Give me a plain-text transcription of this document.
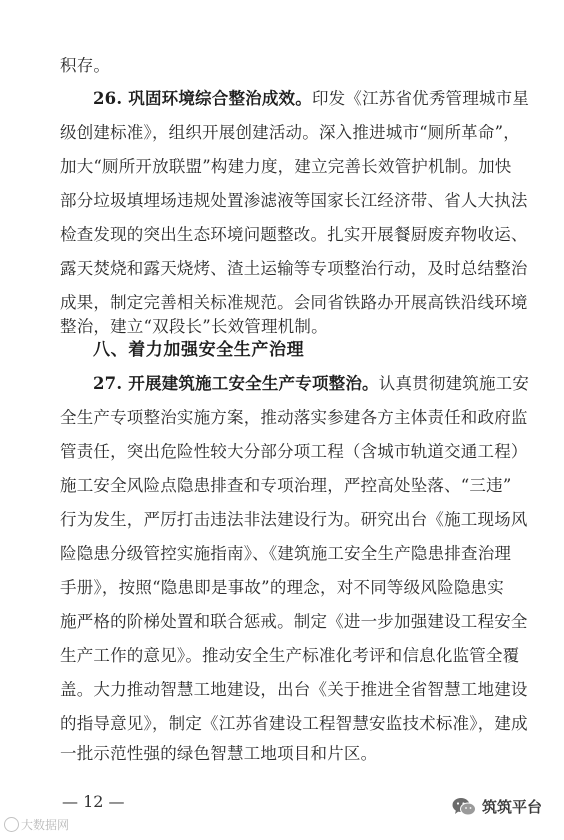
积存。
26. 巩固环境综合整治成效。印发《江苏省优秀管理城市星
级创建标准》，组织开展创建活动。深入推进城市“厕所革命”，
加大“厕所开放联盟”构建力度，建立完善长效管护机制。加快
部分垃圾填埋场违规处置渗滤液等国家长江经济带、省人大执法
检查发现的突出生态环境问题整改。扎实开展餐厨废弃物收运、
露天焚烧和露天烧烤、渣土运输等专项整治行动，及时总结整治
成果，制定完善相关标准规范。会同省铁路办开展高铁沿线环境
整治，建立“双段长”长效管理机制。
八、着力加强安全生产治理
27. 开展建筑施工安全生产专项整治。认真贯彻建筑施工安
全生产专项整治实施方案，推动落实参建各方主体责任和政府监
管责任，突出危险性较大分部分项工程（含城市轨道交通工程）
施工安全风险点隐患排查和专项治理，严控高处坠落、“三违”
行为发生，严厉打击违法非法建设行为。研究出台《施工现场风
险隐患分级管控实施指南》、《建筑施工安全生产隐患排查治理
手册》，按照“隐患即是事故”的理念，对不同等级风险隐患实
施严格的阶梯处置和联合惩戒。制定《进一步加强建设工程安全
生产工作的意见》。推动安全生产标准化考评和信息化监管全覆
盖。大力推动智慧工地建设，出台《关于推进全省智慧工地建设
的指导意见》，制定《江苏省建设工程智慧安监技术标准》，建成
一批示范性强的绿色智慧工地项目和片区。
— 12 —
大数据网
筑筑平台
